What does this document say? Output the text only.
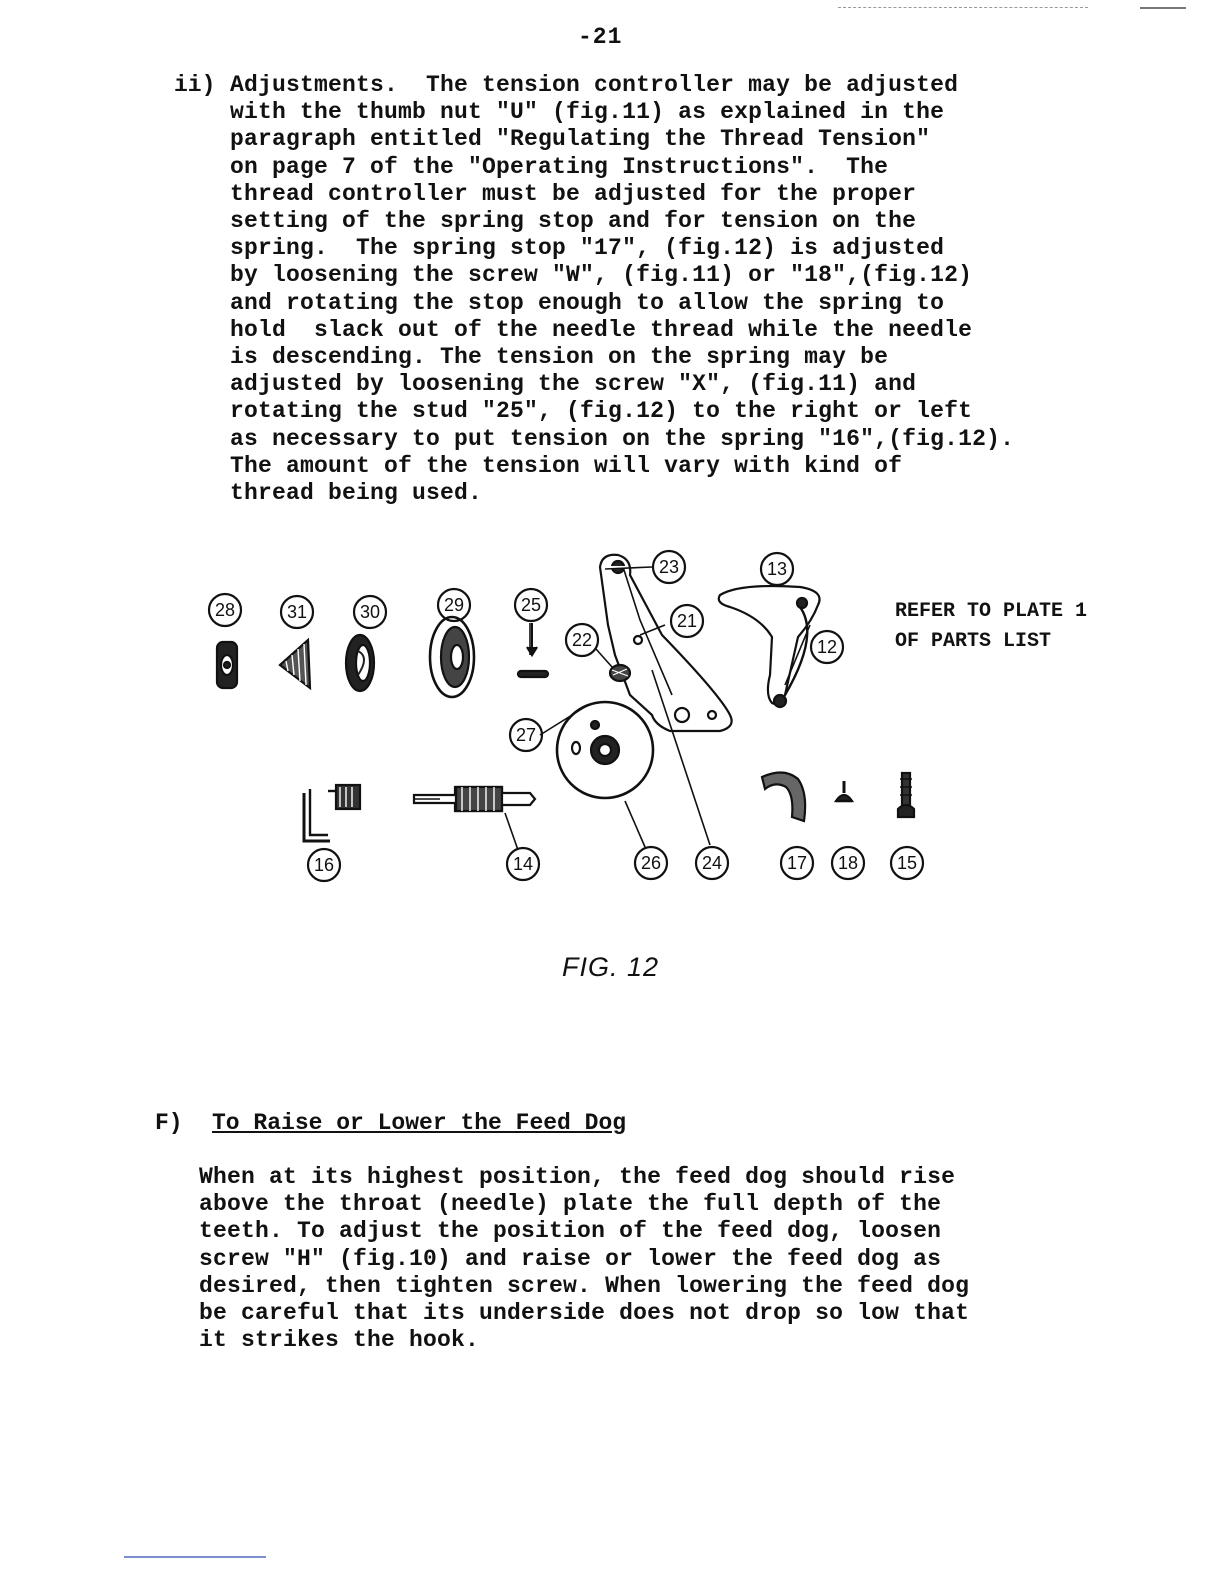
-21
ii) Adjustments.  The tension controller may be adjusted
with the thumb nut "U" (fig.11) as explained in the
paragraph entitled "Regulating the Thread Tension"
on page 7 of the "Operating Instructions".  The
thread controller must be adjusted for the proper
setting of the spring stop and for tension on the
spring.  The spring stop "17", (fig.12) is adjusted
by loosening the screw "W", (fig.11) or "18",(fig.12)
and rotating the stop enough to allow the spring to
hold  slack out of the needle thread while the needle
is descending. The tension on the spring may be
adjusted by loosening the screw "X", (fig.11) and
rotating the stud "25", (fig.12) to the right or left
as necessary to put tension on the spring "16",(fig.12).
The amount of the tension will vary with kind of
thread being used.
28	31	30	29	25
23	13
22
21
12
27
16	14	26 24	17 18 15
REFER TO PLATE 1
OF PARTS LIST
FIG. 12
F) To Raise or Lower the Feed Dog
When at its highest position, the feed dog should rise
above the throat (needle) plate the full depth of the
teeth. To adjust the position of the feed dog, loosen
screw "H" (fig.10) and raise or lower the feed dog as
desired, then tighten screw. When lowering the feed dog
be careful that its underside does not drop so low that
it strikes the hook.
